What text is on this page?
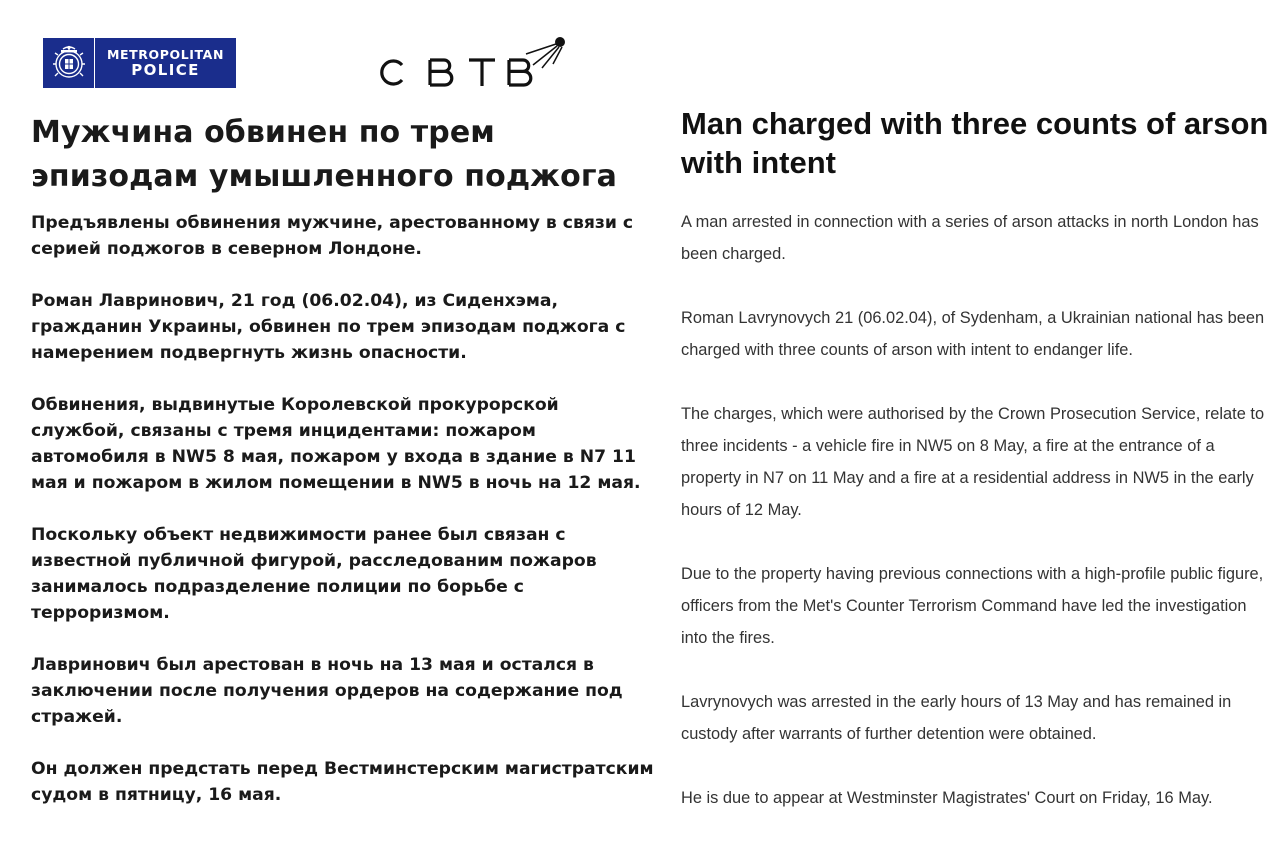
METROPOLITAN
POLICE
Мужчина обвинен по трем эпизодам умышленного поджога

Предъявлены обвинения мужчине, арестованному в связи с серией поджогов в северном Лондоне.

Роман Лавринович, 21 год (06.02.04), из Сиденхэма, гражданин Украины, обвинен по трем эпизодам поджога с намерением подвергнуть жизнь опасности.

Обвинения, выдвинутые Королевской прокурорской службой, связаны с тремя инцидентами: пожаром автомобиля в NW5 8 мая, пожаром у входа в здание в N7 11 мая и пожаром в жилом помещении в NW5 в ночь на 12 мая.

Поскольку объект недвижимости ранее был связан с известной публичной фигурой, расследованим пожаров занималось подразделение полиции по борьбе с терроризмом.

Лавринович был арестован в ночь на 13 мая и остался в заключении после получения ордеров на содержание под стражей.

Он должен предстать перед Вестминстерским магистратским судом в пятницу, 16 мая.

Man charged with three counts of arson with intent

A man arrested in connection with a series of arson attacks in north London has been charged.

Roman Lavrynovych 21 (06.02.04), of Sydenham, a Ukrainian national has been charged with three counts of arson with intent to endanger life.

The charges, which were authorised by the Crown Prosecution Service, relate to three incidents - a vehicle fire in NW5 on 8 May, a fire at the entrance of a property in N7 on 11 May and a fire at a residential address in NW5 in the early hours of 12 May.

Due to the property having previous connections with a high-profile public figure, officers from the Met's Counter Terrorism Command have led the investigation into the fires.

Lavrynovych was arrested in the early hours of 13 May and has remained in custody after warrants of further detention were obtained.

He is due to appear at Westminster Magistrates' Court on Friday, 16 May.
